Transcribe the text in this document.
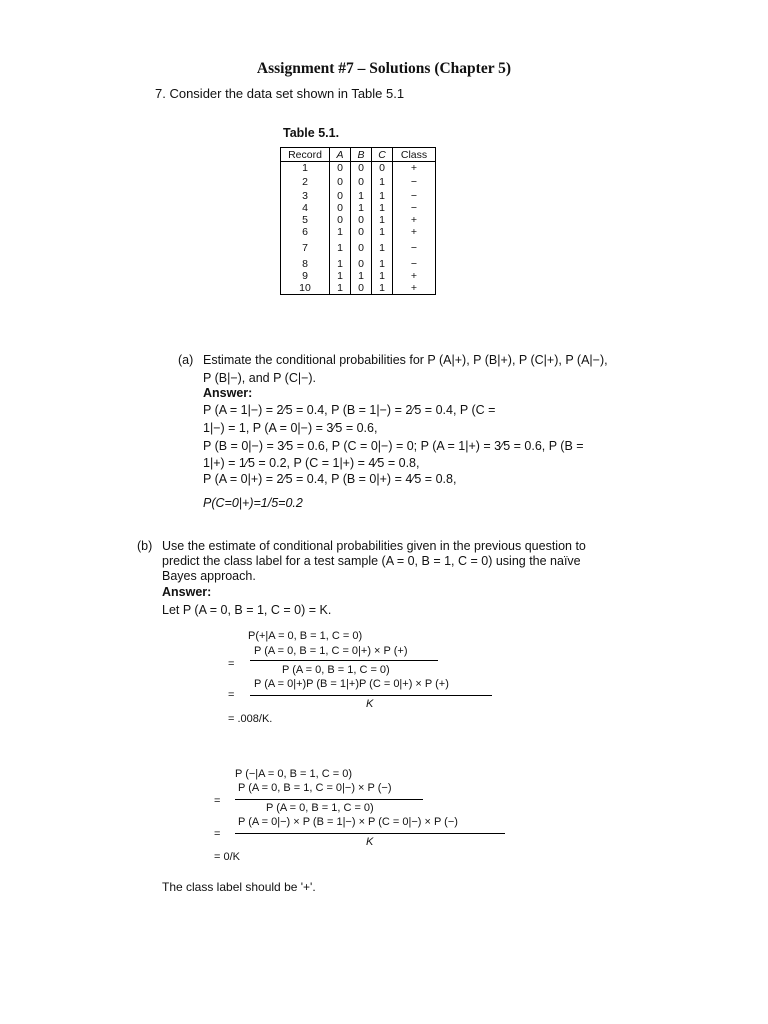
Assignment #7 – Solutions (Chapter 5)
7. Consider the data set shown in Table 5.1
Table 5.1.
Record	A	B	C	Class
1	0	0	0	+
2	0	0	1	−
3	0	1	1	−
4	0	1	1	−
5	0	0	1	+
6	1	0	1	+
7	1	0	1	−
8	1	0	1	−
9	1	1	1	+
10	1	0	1	+
(a) Estimate the conditional probabilities for P (A|+), P (B|+), P (C|+), P (A|−),
P (B|−), and P (C|−).
Answer:
P (A = 1|−) = 2⁄5 = 0.4, P (B = 1|−) = 2⁄5 = 0.4, P (C =
1|−) = 1, P (A = 0|−) = 3⁄5 = 0.6,
P (B = 0|−) = 3⁄5 = 0.6, P (C = 0|−) = 0; P (A = 1|+) = 3⁄5 = 0.6, P (B =
1|+) = 1⁄5 = 0.2, P (C = 1|+) = 4⁄5 = 0.8,
P (A = 0|+) = 2⁄5 = 0.4, P (B = 0|+) = 4⁄5 = 0.8,
P(C=0|+)=1/5=0.2
(b) Use the estimate of conditional probabilities given in the previous question to
predict the class label for a test sample (A = 0, B = 1, C = 0) using the naïve
Bayes approach.
Answer:
Let P (A = 0, B = 1, C = 0) = K.
P(+|A = 0, B = 1, C = 0)
=
P (A = 0, B = 1, C = 0|+) × P (+)
P (A = 0, B = 1, C = 0)
=
P (A = 0|+)P (B = 1|+)P (C = 0|+) × P (+)
K
= .008/K.
P (−|A = 0, B = 1, C = 0)
=
P (A = 0, B = 1, C = 0|−) × P (−)
P (A = 0, B = 1, C = 0)
=
P (A = 0|−) × P (B = 1|−) × P (C = 0|−) × P (−)
K
= 0/K
The class label should be '+'.
